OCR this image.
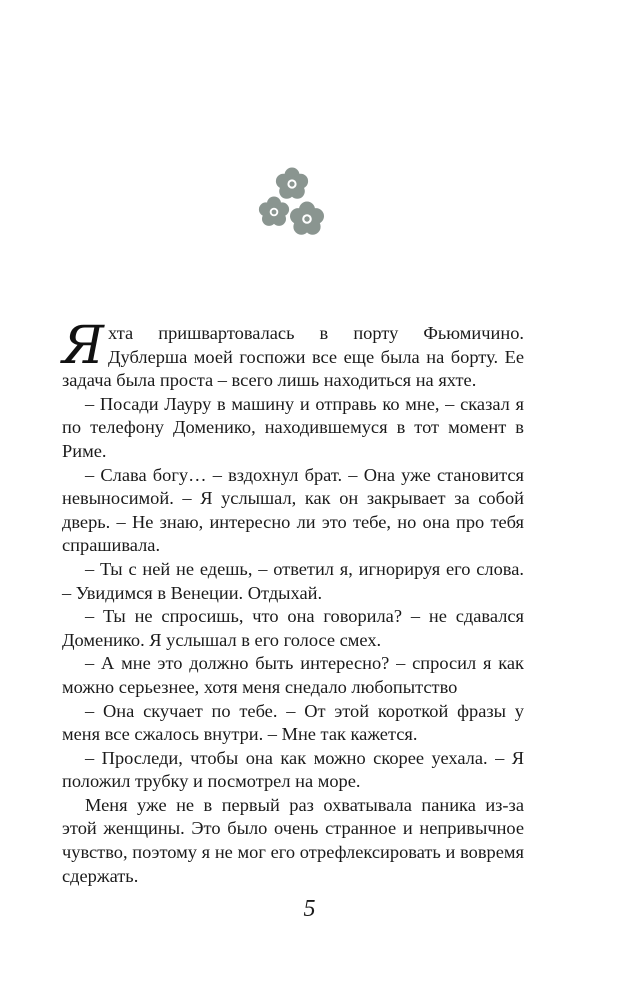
Яхта пришвартовалась в порту Фьюмичино. Дублерша моей госпожи все еще была на борту. Ее задача была проста – всего лишь находиться на яхте.

– Посади Лауру в машину и отправь ко мне, – сказал я по телефону Доменико, находившемуся в тот момент в Риме.

– Слава богу… – вздохнул брат. – Она уже становится невыносимой. – Я услышал, как он закрывает за собой дверь. – Не знаю, интересно ли это тебе, но она про тебя спрашивала.

– Ты с ней не едешь, – ответил я, игнорируя его слова. – Увидимся в Венеции. Отдыхай.

– Ты не спросишь, что она говорила? – не сдавался Доменико. Я услышал в его голосе смех.

– А мне это должно быть интересно? – спросил я как можно серьезнее, хотя меня снедало любопытство

– Она скучает по тебе. – От этой короткой фразы у меня все сжалось внутри. – Мне так кажется.

– Проследи, чтобы она как можно скорее уехала. – Я положил трубку и посмотрел на море.

Меня уже не в первый раз охватывала паника из-за этой женщины. Это было очень странное и непривычное чувство, поэтому я не мог его отрефлексировать и вовремя сдержать.

5
